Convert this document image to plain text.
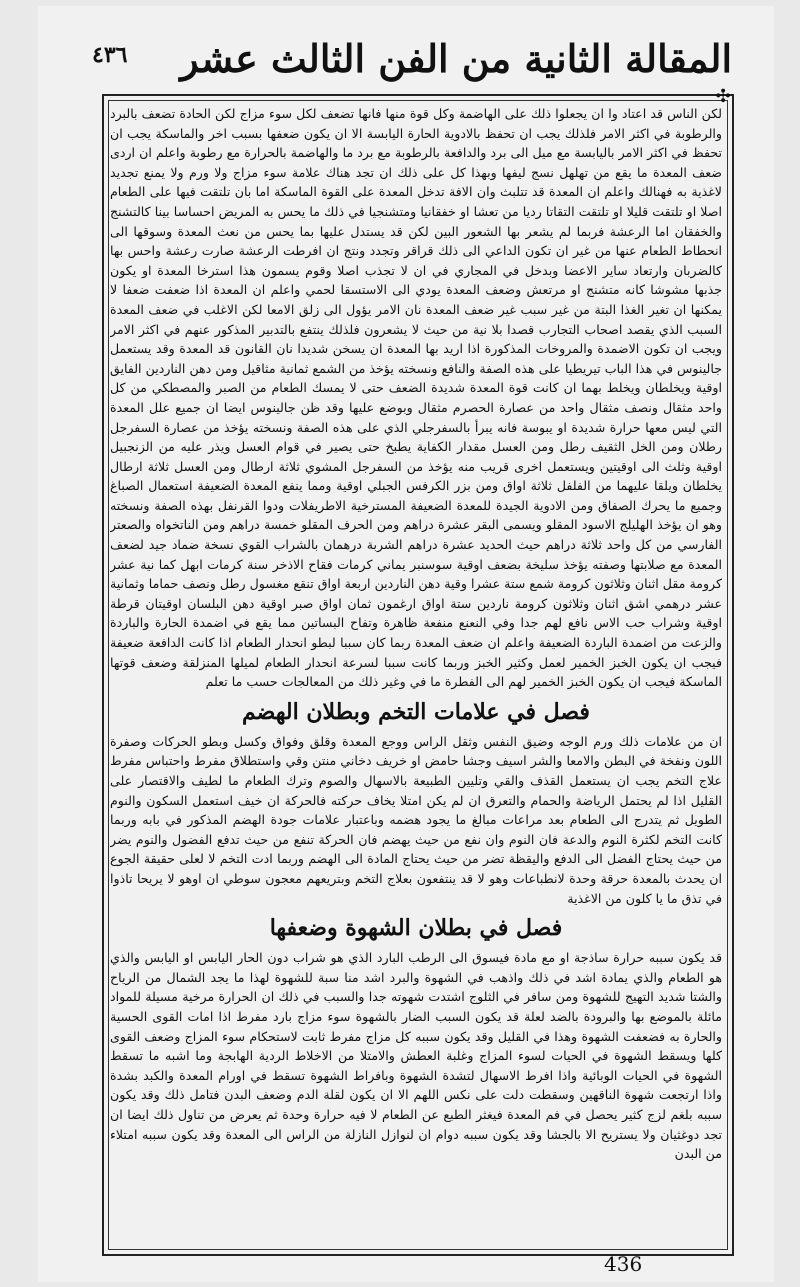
المقالة الثانية من الفن الثالث عشر
٤٣٦
✣

لكن الناس قد اعتاد وا ان يجعلوا ذلك على الهاضمة وكل قوة منها فانها تضعف لكل سوء مزاج لكن الحادة تضعف بالبرد والرطوبة في اكثر الامر فلذلك يجب ان تحفظ بالادوية الحارة اليابسة الا ان يكون ضعفها بسبب اخر والماسكة يجب ان تحفظ في اكثر الامر باليابسة مع ميل الى برد والدافعة بالرطوبة مع برد ما والهاضمة بالحرارة مع رطوبة واعلم ان اردى ضعف المعدة ما يقع من تهلهل نسج ليفها وبهذا كل على ذلك ان تجد هناك علامة سوء مزاج ولا ورم ولا يمنع تجديد لاغذية به فهنالك واعلم ان المعدة قد تتلبث وان الافة تدخل المعدة على القوة الماسكة اما بان تلتقت فيها على الطعام اصلا او تلتقت قليلا او تلتقت التقاتا رديا من تعشا او خفقانيا ومتشنجيا في ذلك ما يحس به المريض احساسا بينا كالتشنج والخفقان اما الرعشة فربما لم يشعر بها الشعور البين لكن قد يستدل عليها بما يحس من نعث المعدة وسوقها الى انحطاط الطعام عنها من غير ان تكون الداعي الى ذلك قراقر وتجدد ونتج ان افرطت الرعشة صارت رعشة واحس بها كالضربان وارتعاد ساير الاعضا وبدخل في المجاري في ان لا تجذب اصلا وقوم يسمون هذا استرخا المعدة او يكون جذبها مشوشا كانه متشنج او مرتعش وضعف المعدة يودي الى الاستسقا لحمي واعلم ان المعدة اذا ضعفت ضعفا لا يمكنها ان تغير الغذا البتة من غير سبب غير ضعف المعدة نان الامر يؤول الى زلق الامعا لكن الاغلب في ضعف المعدة السبب الذي يقصد اصحاب التجارب قصدا بلا نية من حيث لا يشعرون فلذلك ينتفع بالتدبير المذكور عنهم في اكثر الامر ويجب ان تكون الاضمدة والمروخات المذكورة اذا اريد بها المعدة ان يسخن شديدا نان القانون قد المعدة وقد يستعمل جالينوس في هذا الباب تيريطيا على هذه الصفة والنافع ونسخته يؤخذ من الشمع ثمانية مثاقيل ومن دهن الناردين الفايق اوقية ويخلطان ويخلط بهما ان كانت قوة المعدة شديدة الضعف حتى لا يمسك الطعام من الصبر والمصطكي من كل واحد مثقال ونصف مثقال واحد من عصارة الحصرم مثقال وبوضع عليها وقد ظن جالينوس ايضا ان جميع علل المعدة التي ليس معها حرارة شديدة او يبوسة فانه يبرأ بالسفرجلي الذي على هذه الصفة ونسخته يؤخذ من عصارة السفرجل رطلان ومن الخل الثقيف رطل ومن العسل مقدار الكفاية يطبخ حتى يصير في قوام العسل ويذر عليه من الزنجبيل اوقية وثلث الى اوقيتين ويستعمل اخرى قريب منه يؤخذ من السفرجل المشوي ثلاثة ارطال ومن العسل ثلاثة ارطال يخلطان ويلقا عليهما من الفلفل ثلاثة اواق ومن بزر الكرفس الجبلي اوقية ومما ينفع المعدة الضعيفة استعمال الصباغ وجميع ما يحرك الصفاق ومن الادوية الجيدة للمعدة الضعيفة المسترخية الاطريفلات ودوا القرنفل بهذه الصفة ونسخته وهو ان يؤخذ الهليلج الاسود المقلو ويسمى البقر عشرة دراهم ومن الحرف المقلو خمسة دراهم ومن الناتخواه والصعتر الفارسي من كل واحد ثلاثة دراهم حيث الحديد عشرة دراهم الشربة درهمان بالشراب القوي نسخة ضماد جيد لضعف المعدة مع صلابتها وصفته يؤخذ سليخة بضعف اوقية سوسنبر يماني كرمات فقاح الاذخر سنة كرمات ابهل كما نية عشر كرومة مقل اثنان وثلاثون كرومة شمع ستة عشرا وقية دهن الناردين اربعة اواق تنقع مغسول رطل ونصف حماما وثمانية عشر درهمي اشق اثنان وثلاثون كرومة ناردين ستة اواق ارغمون ثمان اواق صبر اوقية دهن البلسان اوقيتان قرطة اوقية وشراب حب الاس نافع لهم جدا وفي النعنع منفعة ظاهرة وتفاح البساتين مما يقع في اضمدة الحارة والباردة والزعت من اضمدة الباردة الضعيفة واعلم ان ضعف المعدة ربما كان سببا لبطو انحدار الطعام اذا كانت الدافعة ضعيفة فيجب ان يكون الخبز الخمير لعمل وكثير الخبز وربما كانت سببا لسرعة انحدار الطعام لميلها المنزلقة وضعف قوتها الماسكة فيجب ان يكون الخبز الخمير لهم الى الفطرة ما في وغير ذلك من المعالجات حسب ما تعلم

فصل في علامات التخم وبطلان الهضم

ان من علامات ذلك ورم الوجه وضيق النفس وثقل الراس ووجع المعدة وقلق وفواق وكسل وبطو الحركات وصفرة اللون ونفخة في البطن والامعا والشر اسيف وجشا حامض او خريف دخاني منتن وقي واستطلاق مفرط واحتباس مفرط علاج التخم يجب ان يستعمل القذف والقي وتليين الطبيعة بالاسهال والصوم وترك الطعام ما لطيف والاقتصار على القليل اذا لم يحتمل الرياضة والحمام والتعرق ان لم يكن امتلا يخاف حركته فالحركة ان خيف استعمل السكون والنوم الطويل ثم يتدرج الى الطعام بعد مراعات مبالغ ما يجود هضمه وباعتبار علامات جودة الهضم المذكور في بابه وربما كانت التخم لكثرة النوم والدعة فان النوم وان نفع من حيث يهضم فان الحركة تنفع من حيث تدفع الفضول والنوم يضر من حيث يحتاج الفضل الى الدفع واليقظة تضر من حيث يحتاج المادة الى الهضم وربما ادت التخم لا لعلى حقيقة الجوع ان يحدث بالمعدة حرقة وحدة لانطباعات وهو لا قد ينتفعون بعلاج التخم وبتريعهم معجون سوطي ان اوهو لا يريحا تاذوا في تذق ما يا كلون من الاغذية

فصل في بطلان الشهوة وضعفها

قد يكون سببه حرارة ساذجة او مع مادة فيسوق الى الرطب البارد الذي هو شراب دون الحار اليابس او اليابس والذي هو الطعام والذي يمادة اشد في ذلك واذهب في الشهوة والبرد اشد منا سبة للشهوة لهذا ما يجد الشمال من الرياح والشتا شديد التهيج للشهوة ومن سافر في الثلوج اشتدت شهوته جدا والسبب في ذلك ان الحرارة مرخية مسيلة للمواد مائلة بالموضع بها والبرودة بالضد لعلة قد يكون السبب الضار بالشهوة سوء مزاج بارد مفرط اذا امات القوى الحسية والحارة به فضعفت الشهوة وهذا في القليل وقد يكون سببه كل مزاج مفرط ثابت لاستحكام سوء المزاج وضعف القوى كلها ويسقط الشهوة في الحيات لسوء المزاج وغلبة العطش والامتلا من الاخلاط الردية الهابجة وما اشبه ما تسقط الشهوة في الحيات الوبائية واذا افرط الاسهال لتشدة الشهوة وبافراط الشهوة تسقط في اورام المعدة والكبد بشدة واذا ارتجعت شهوة الناقهين وسقطت دلت على نكس اللهم الا ان يكون لقلة الدم وضعف البدن فتامل ذلك وقد يكون سببه بلغم لزج كثير يحصل في فم المعدة فيغثر الطبع عن الطعام لا فيه حرارة وحدة ثم يعرض من تناول ذلك ايضا ان تجد دوغثيان ولا يستريح الا بالجشا وقد يكون سببه دوام ان لنوازل النازلة من الراس الى المعدة وقد يكون سببه امتلاء من البدن

436
